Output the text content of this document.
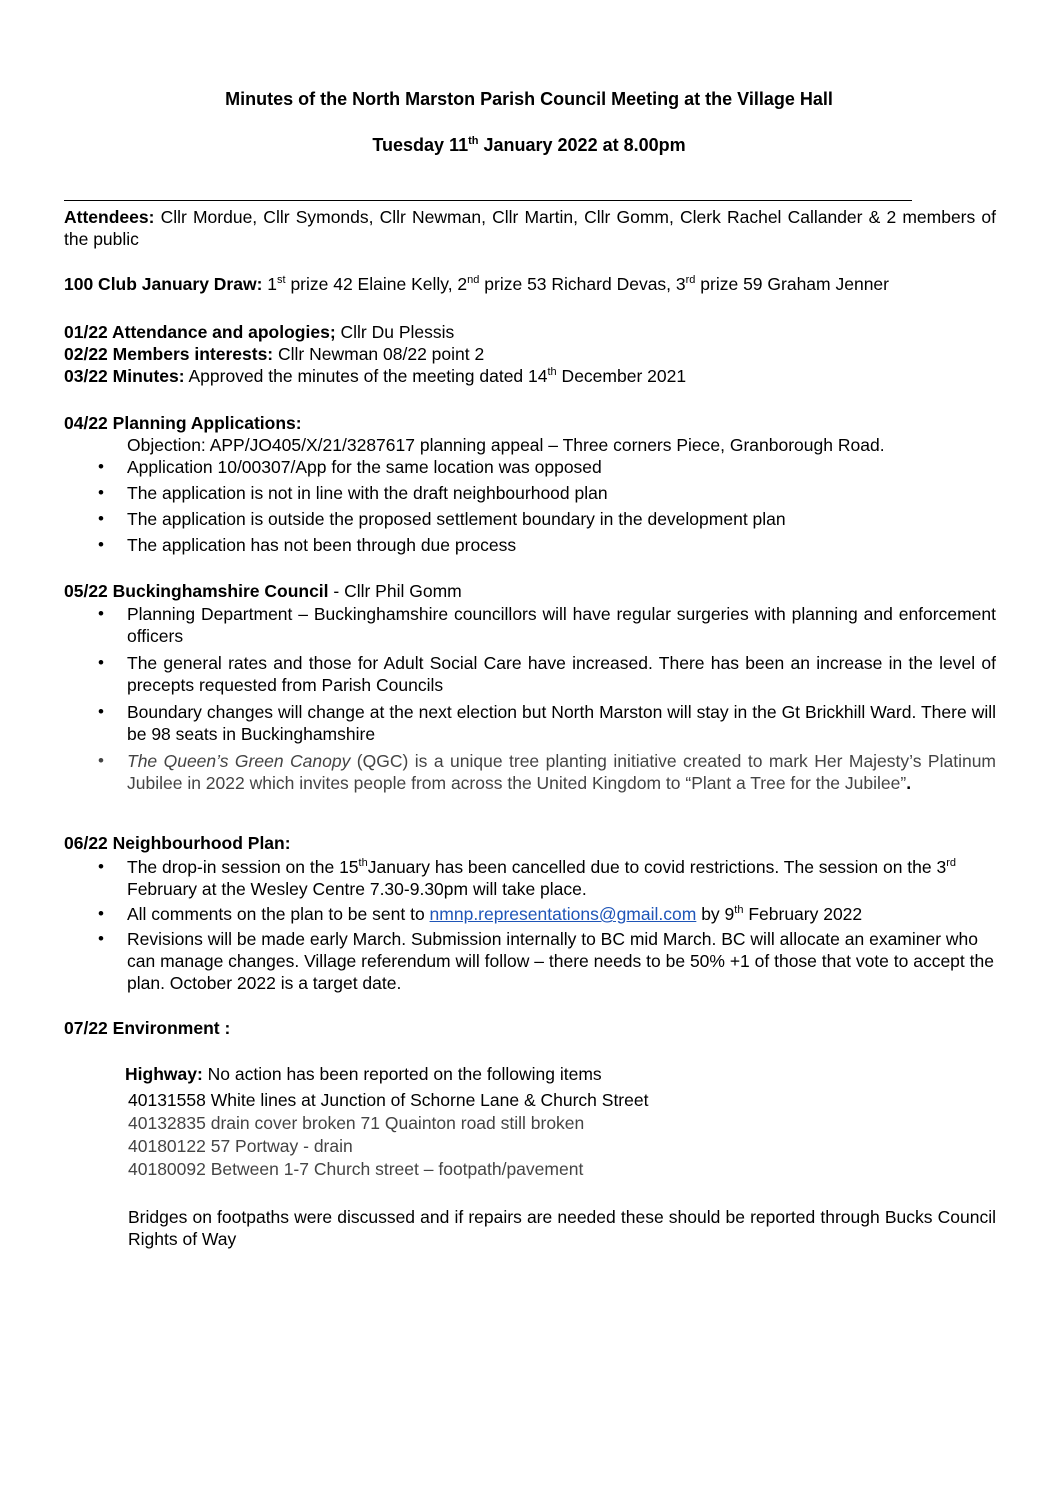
Minutes of the North Marston Parish Council Meeting at the Village Hall
Tuesday 11th January 2022 at 8.00pm

Attendees: Cllr Mordue, Cllr Symonds, Cllr Newman, Cllr Martin, Cllr Gomm, Clerk Rachel Callander & 2 members of the public

100 Club January Draw: 1st prize 42 Elaine Kelly, 2nd prize 53 Richard Devas, 3rd prize 59 Graham Jenner

01/22 Attendance and apologies; Cllr Du Plessis

02/22 Members interests: Cllr Newman 08/22 point 2

03/22 Minutes: Approved the minutes of the meeting dated 14th December 2021

04/22 Planning Applications:

Objection: APP/JO405/X/21/3287617 planning appeal – Three corners Piece, Granborough Road.

• Application 10/00307/App for the same location was opposed
• The application is not in line with the draft neighbourhood plan
• The application is outside the proposed settlement boundary in the development plan
• The application has not been through due process

05/22 Buckinghamshire Council - Cllr Phil Gomm

• Planning Department – Buckinghamshire councillors will have regular surgeries with planning and enforcement officers
• The general rates and those for Adult Social Care have increased. There has been an increase in the level of precepts requested from Parish Councils
• Boundary changes will change at the next election but North Marston will stay in the Gt Brickhill Ward. There will be 98 seats in Buckinghamshire
• The Queen’s Green Canopy (QGC) is a unique tree planting initiative created to mark Her Majesty’s Platinum Jubilee in 2022 which invites people from across the United Kingdom to “Plant a Tree for the Jubilee”.

06/22 Neighbourhood Plan:

• The drop-in session on the 15thJanuary has been cancelled due to covid restrictions. The session on the 3rd February at the Wesley Centre 7.30-9.30pm will take place.
• All comments on the plan to be sent to nmnp.representations@gmail.com by 9th February 2022
• Revisions will be made early March. Submission internally to BC mid March. BC will allocate an examiner who can manage changes. Village referendum will follow – there needs to be 50% +1 of those that vote to accept the plan. October 2022 is a target date.

07/22 Environment :

Highway: No action has been reported on the following items
40131558 White lines at Junction of Schorne Lane & Church Street
40132835 drain cover broken 71 Quainton road still broken
40180122 57 Portway - drain
40180092 Between 1-7 Church street – footpath/pavement
Bridges on footpaths were discussed and if repairs are needed these should be reported through Bucks Council Rights of Way
